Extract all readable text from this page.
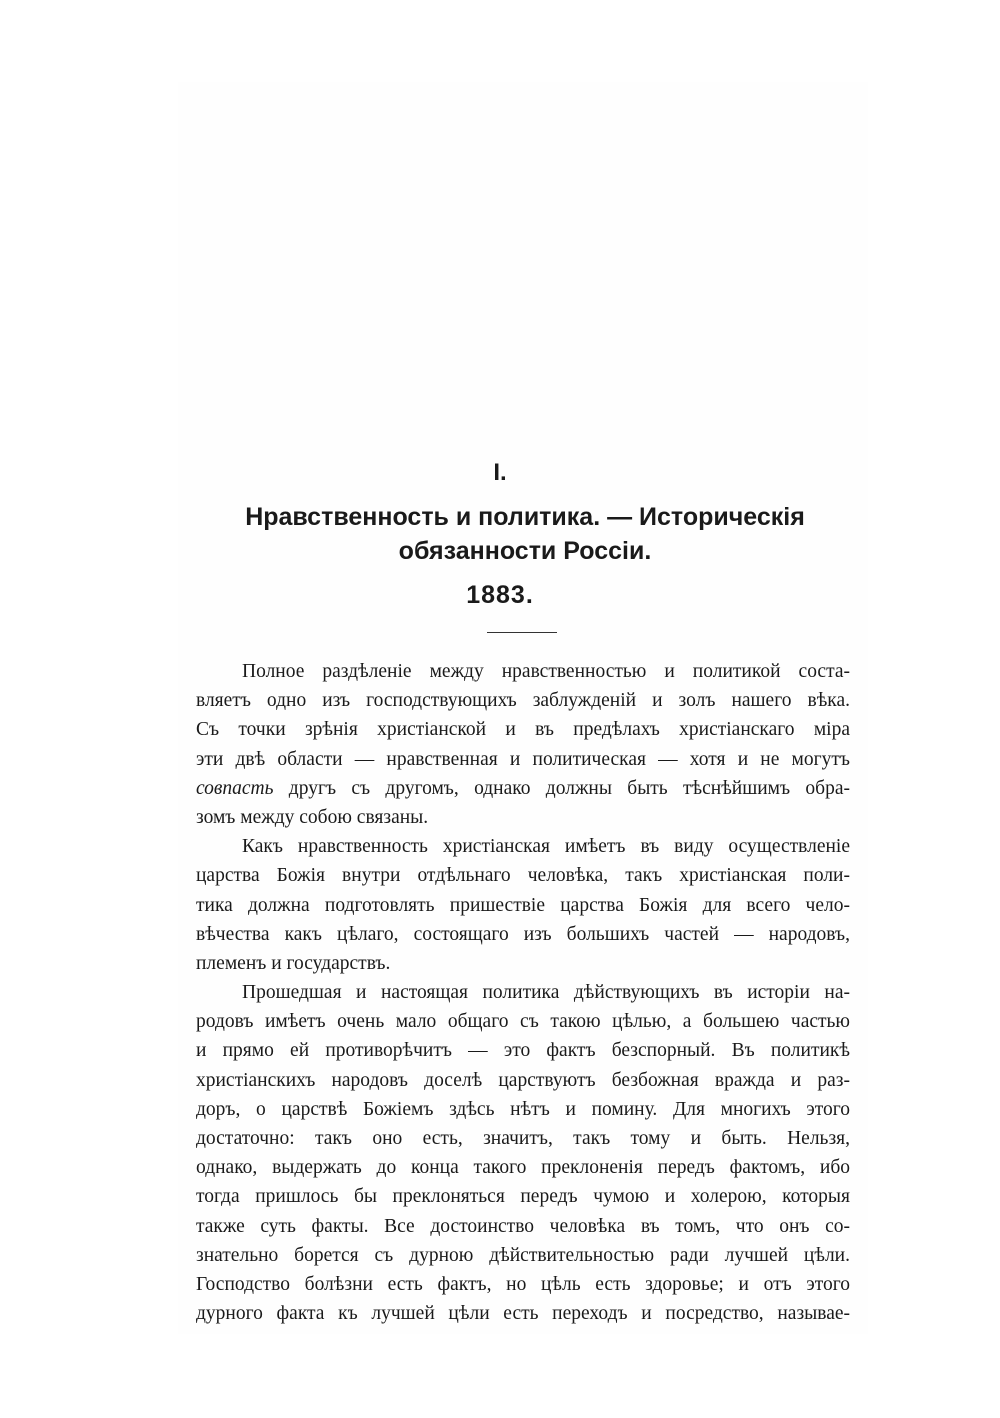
I.
Нравственность и политика. — Историческія
обязанности Россіи.
1883.
Полное раздѣленіе между нравственностью и политикой соста-
вляетъ одно изъ господствующихъ заблужденій и золъ нашего вѣка.
Съ точки зрѣнія христіанской и въ предѣлахъ христіанскаго міра
эти двѣ области — нравственная и политическая — хотя и не могутъ
совпасть другъ съ другомъ, однако должны быть тѣснѣйшимъ обра-
зомъ между собою связаны.
Какъ нравственность христіанская имѣетъ въ виду осуществленіе
царства Божія внутри отдѣльнаго человѣка, такъ христіанская поли-
тика должна подготовлять пришествіе царства Божія для всего чело-
вѣчества какъ цѣлаго, состоящаго изъ большихъ частей — народовъ,
племенъ и государствъ.
Прошедшая и настоящая политика дѣйствующихъ въ исторіи на-
родовъ имѣетъ очень мало общаго съ такою цѣлью, а большею частью
и прямо ей противорѣчитъ — это фактъ безспорный. Въ политикѣ
христіанскихъ народовъ доселѣ царствуютъ безбожная вражда и раз-
доръ, о царствѣ Божіемъ здѣсь нѣтъ и помину. Для многихъ этого
достаточно: такъ оно есть, значитъ, такъ тому и быть. Нельзя,
однако, выдержать до конца такого преклоненія передъ фактомъ, ибо
тогда пришлось бы преклоняться передъ чумою и холерою, которыя
также суть факты. Все достоинство человѣка въ томъ, что онъ со-
знательно борется съ дурною дѣйствительностью ради лучшей цѣли.
Господство болѣзни есть фактъ, но цѣль есть здоровье; и отъ этого
дурного факта къ лучшей цѣли есть переходъ и посредство, называе-
